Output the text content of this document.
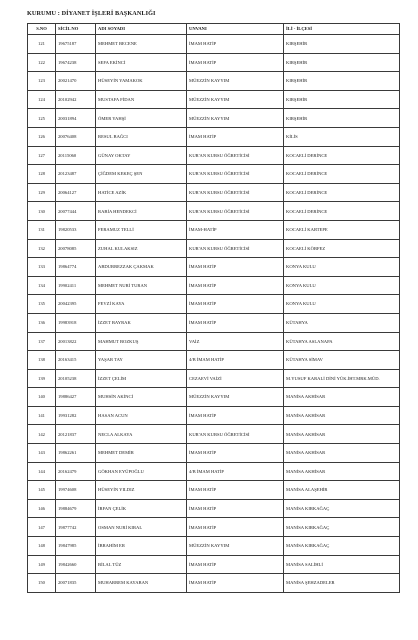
KURUMU : DİYANET İŞLERİ BAŞKANLIĞI
S.NO	SİCİL NO	ADI SOYADI	UNVANI	İLİ - İLÇESİ
121	19675187	MEHMET BECENE	İMAM HATİP	KIRŞEHİR
122	19674238	SEFA EKİNCİ	İMAM HATİP	KIRŞEHİR
123	20021470	HÜSEYİN YAMAKOK	MÜEZZİN KAYYIM	KIRŞEHİR
124	20102942	MUSTAFA FİDAN	MÜEZZİN KAYYIM	KIRŞEHİR
125	20031894	ÖMER YAHŞİ	MÜEZZİN KAYYIM	KIRŞEHİR
126	20076408	RESUL BAĞCI	İMAM HATİP	KİLİS
127	20115060	GÜNAY OKTAY	KUR'AN KURSU ÖĞRETİCİSİ	KOCAELİ DERİNCE
128	20123487	ÇİĞDEM KEKEÇ ŞEN	KUR'AN KURSU ÖĞRETİCİSİ	KOCAELİ DERİNCE
129	20064127	HATİCE AZİK	KUR'AN KURSU ÖĞRETİCİSİ	KOCAELİ DERİNCE
130	20077444	RABİA HENDEKCİ	KUR'AN KURSU ÖĞRETİCİSİ	KOCAELİ DERİNCE
131	19820533	FERAMUZ TELLİ	İMAM-HATİP	KOCAELİ KARTEPE
132	20078085	ZUHAL KULAKSIZ	KUR'AN KURSU ÖĞRETİCİSİ	KOCAELİ KÖRFEZ
133	19864774	ABDURREZZAK ÇAKMAK	İMAM HATİP	KONYA KULU
134	19902411	MEHMET NURİ TURAN	İMAM HATİP	KONYA KULU
135	20042395	FEVZİ KAYA	İMAM HATİP	KONYA KULU
136	19983918	İZZET BAYRAK	İMAM HATİP	KÜTAHYA
137	20013822	MAHMUT BOZKUŞ	VAİZ	KÜTAHYA ASLANAPA
138	20163415	YAŞAR TAY	4/B İMAM HATİP	KÜTAHYA SİMAV
139	20105238	İZZET ÇELİM	CEZAEVİ VAİZİ	M.YUSUF KARALİ DİNİ YÜK.İHT.MRK.MÜD.
140	19886427	MUHSİN AKİNCİ	MÜEZZİN KAYYIM	MANİSA AKHİSAR
141	19931282	HASAN ACUN	İMAM HATİP	MANİSA AKHİSAR
142	20121837	NECLA ALKAYA	KUR'AN KURSU ÖĞRETİCİSİ	MANİSA AKHİSAR
143	19862261	MEHMET DEMİR	İMAM HATİP	MANİSA AKHİSAR
144	20162479	GÖKHAN EYÜPOĞLU	4/B İMAM HATİP	MANİSA AKHİSAR
145	19974608	HÜSEYİN YILDIZ	İMAM HATİP	MANİSA ALAŞEHİR
146	19884679	İRFAN ÇELİK	İMAM HATİP	MANİSA KIRKAĞAÇ
147	19877742	OSMAN NURİ KIRAL	İMAM HATİP	MANİSA KIRKAĞAÇ
148	19847985	İBRAHİM ER	MÜEZZİN KAYYIM	MANİSA KIRKAĞAÇ
149	19842660	BİLAL TÜZ	İMAM HATİP	MANİSA SALİHLİ
150	20071835	MUHARREM KAYABAN	İMAM HATİP	MANİSA ŞEHZADELER
